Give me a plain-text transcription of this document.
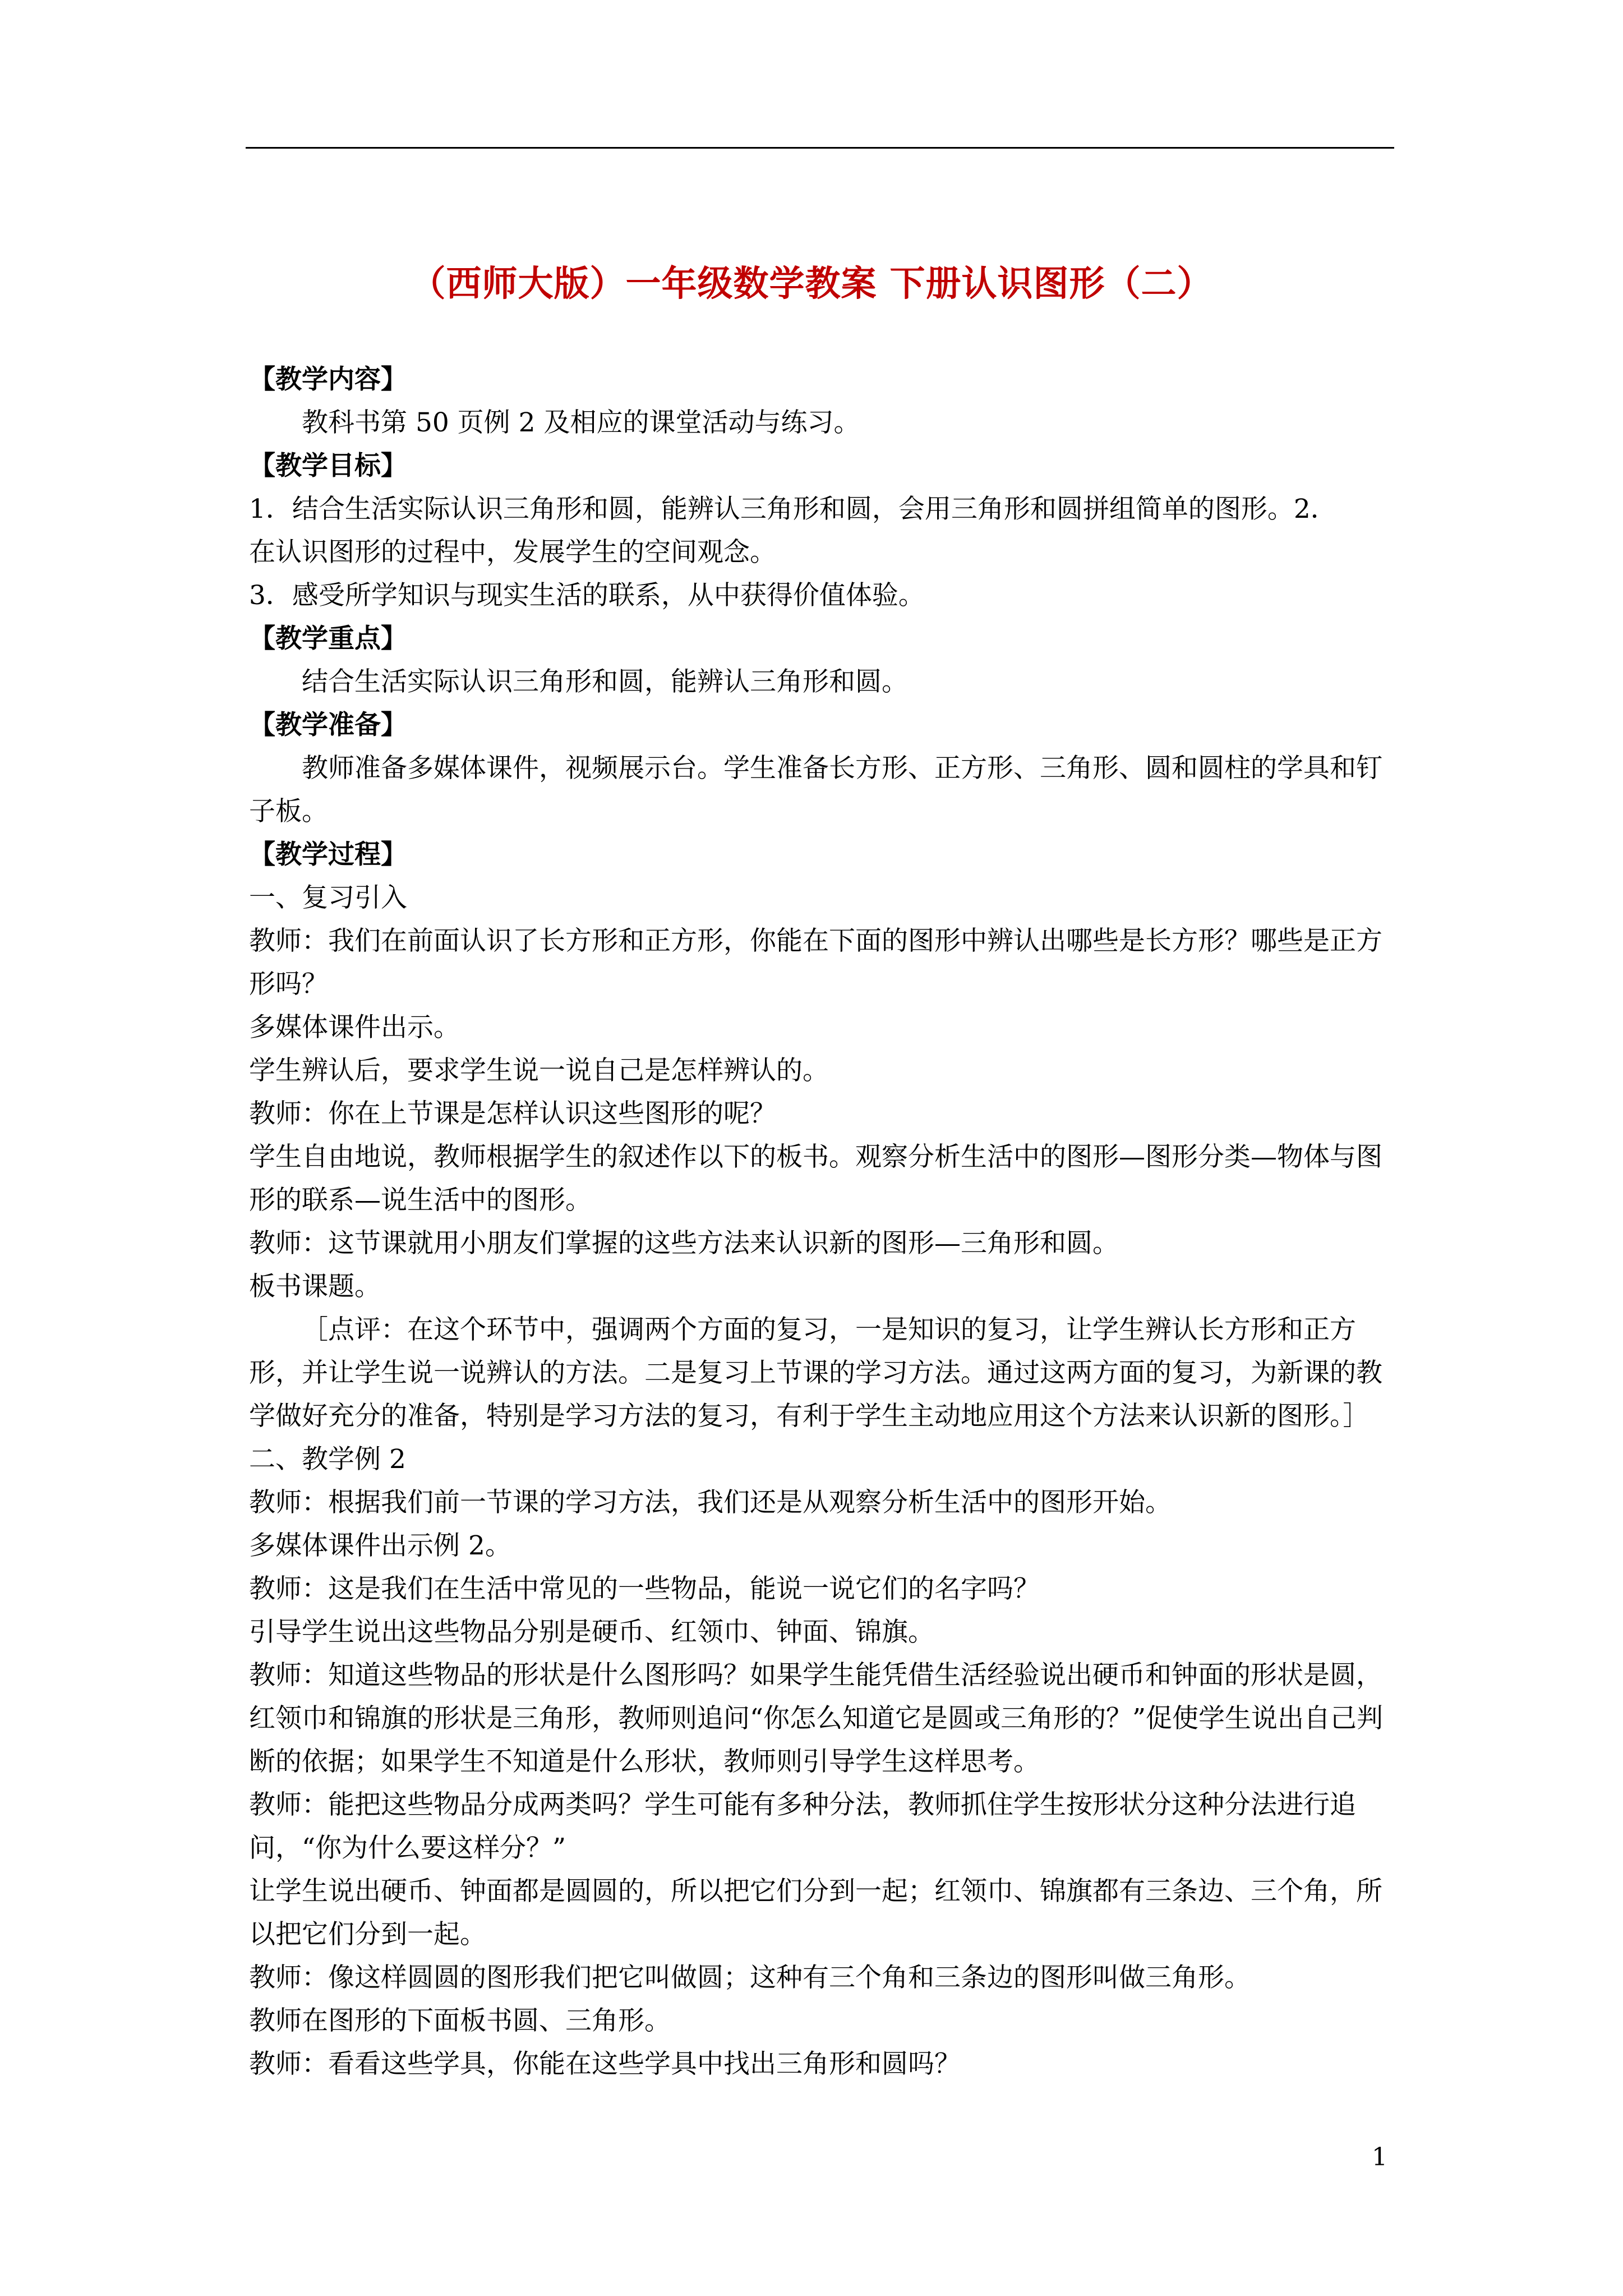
（西师大版）一年级数学教案 下册认识图形（二）
【教学内容】
教科书第 50 页例 2 及相应的课堂活动与练习。
【教学目标】
1．结合生活实际认识三角形和圆，能辨认三角形和圆，会用三角形和圆拼组简单的图形。2．
在认识图形的过程中，发展学生的空间观念。
3．感受所学知识与现实生活的联系，从中获得价值体验。
【教学重点】
结合生活实际认识三角形和圆，能辨认三角形和圆。
【教学准备】
教师准备多媒体课件，视频展示台。学生准备长方形、正方形、三角形、圆和圆柱的学具和钉子板。
【教学过程】
一、复习引入
教师：我们在前面认识了长方形和正方形，你能在下面的图形中辨认出哪些是长方形？哪些是正方形吗？
多媒体课件出示。
学生辨认后，要求学生说一说自己是怎样辨认的。
教师：你在上节课是怎样认识这些图形的呢？
学生自由地说，教师根据学生的叙述作以下的板书。观察分析生活中的图形—图形分类—物体与图形的联系—说生活中的图形。
教师：这节课就用小朋友们掌握的这些方法来认识新的图形—三角形和圆。
板书课题。
［点评：在这个环节中，强调两个方面的复习，一是知识的复习，让学生辨认长方形和正方形，并让学生说一说辨认的方法。二是复习上节课的学习方法。通过这两方面的复习，为新课的教学做好充分的准备，特别是学习方法的复习，有利于学生主动地应用这个方法来认识新的图形。］
二、教学例 2
教师：根据我们前一节课的学习方法，我们还是从观察分析生活中的图形开始。
多媒体课件出示例 2。
教师：这是我们在生活中常见的一些物品，能说一说它们的名字吗？
引导学生说出这些物品分别是硬币、红领巾、钟面、锦旗。
教师：知道这些物品的形状是什么图形吗？如果学生能凭借生活经验说出硬币和钟面的形状是圆，红领巾和锦旗的形状是三角形，教师则追问“你怎么知道它是圆或三角形的？”促使学生说出自己判断的依据；如果学生不知道是什么形状，教师则引导学生这样思考。
教师：能把这些物品分成两类吗？学生可能有多种分法，教师抓住学生按形状分这种分法进行追问，“你为什么要这样分？”
让学生说出硬币、钟面都是圆圆的，所以把它们分到一起；红领巾、锦旗都有三条边、三个角，所以把它们分到一起。
教师：像这样圆圆的图形我们把它叫做圆；这种有三个角和三条边的图形叫做三角形。
教师在图形的下面板书圆、三角形。
教师：看看这些学具，你能在这些学具中找出三角形和圆吗？
1
